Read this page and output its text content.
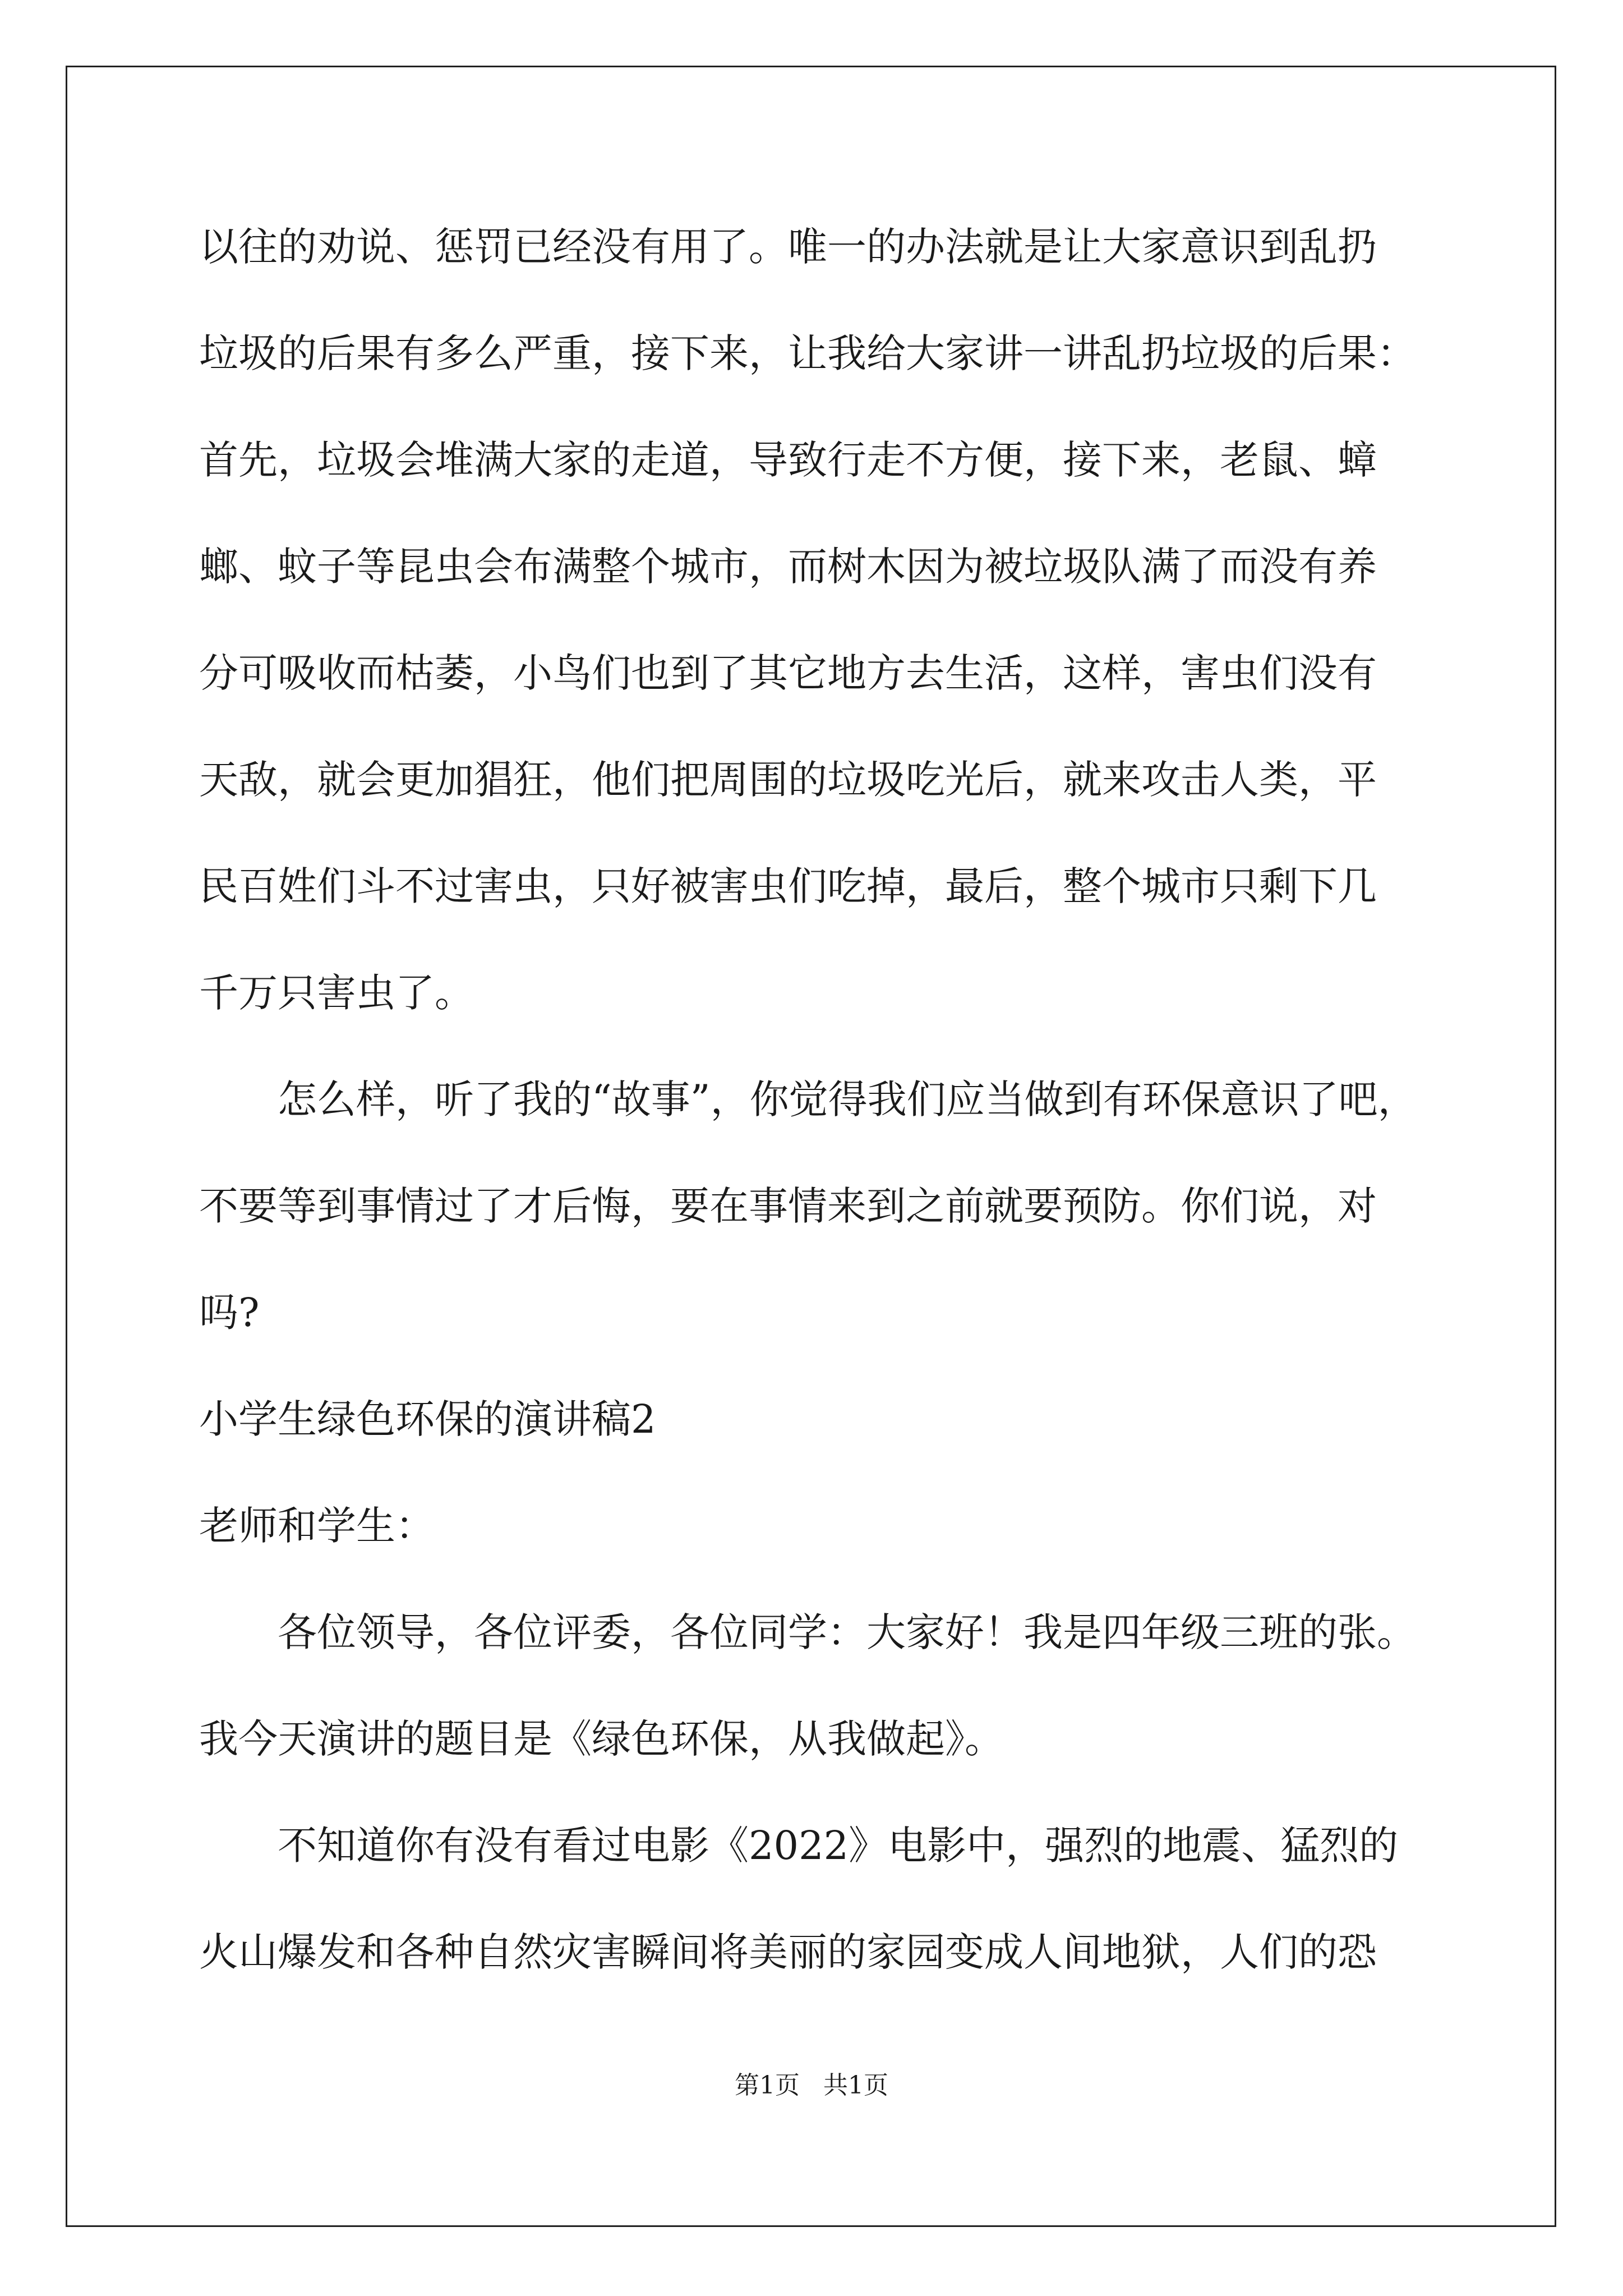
以往的劝说、惩罚已经没有用了。唯一的办法就是让大家意识到乱扔
垃圾的后果有多么严重，接下来，让我给大家讲一讲乱扔垃圾的后果：
首先，垃圾会堆满大家的走道，导致行走不方便，接下来，老鼠、蟑
螂、蚊子等昆虫会布满整个城市，而树木因为被垃圾队满了而没有养
分可吸收而枯萎，小鸟们也到了其它地方去生活，这样，害虫们没有
天敌，就会更加猖狂，他们把周围的垃圾吃光后，就来攻击人类，平
民百姓们斗不过害虫，只好被害虫们吃掉，最后，整个城市只剩下几
千万只害虫了。
怎么样，听了我的“故事”，你觉得我们应当做到有环保意识了吧，
不要等到事情过了才后悔，要在事情来到之前就要预防。你们说，对
吗?
小学生绿色环保的演讲稿2
老师和学生：
各位领导，各位评委，各位同学：大家好！我是四年级三班的张。
我今天演讲的题目是《绿色环保，从我做起》。
不知道你有没有看过电影《2022》电影中，强烈的地震、猛烈的
火山爆发和各种自然灾害瞬间将美丽的家园变成人间地狱，人们的恐
第1页   共1页
